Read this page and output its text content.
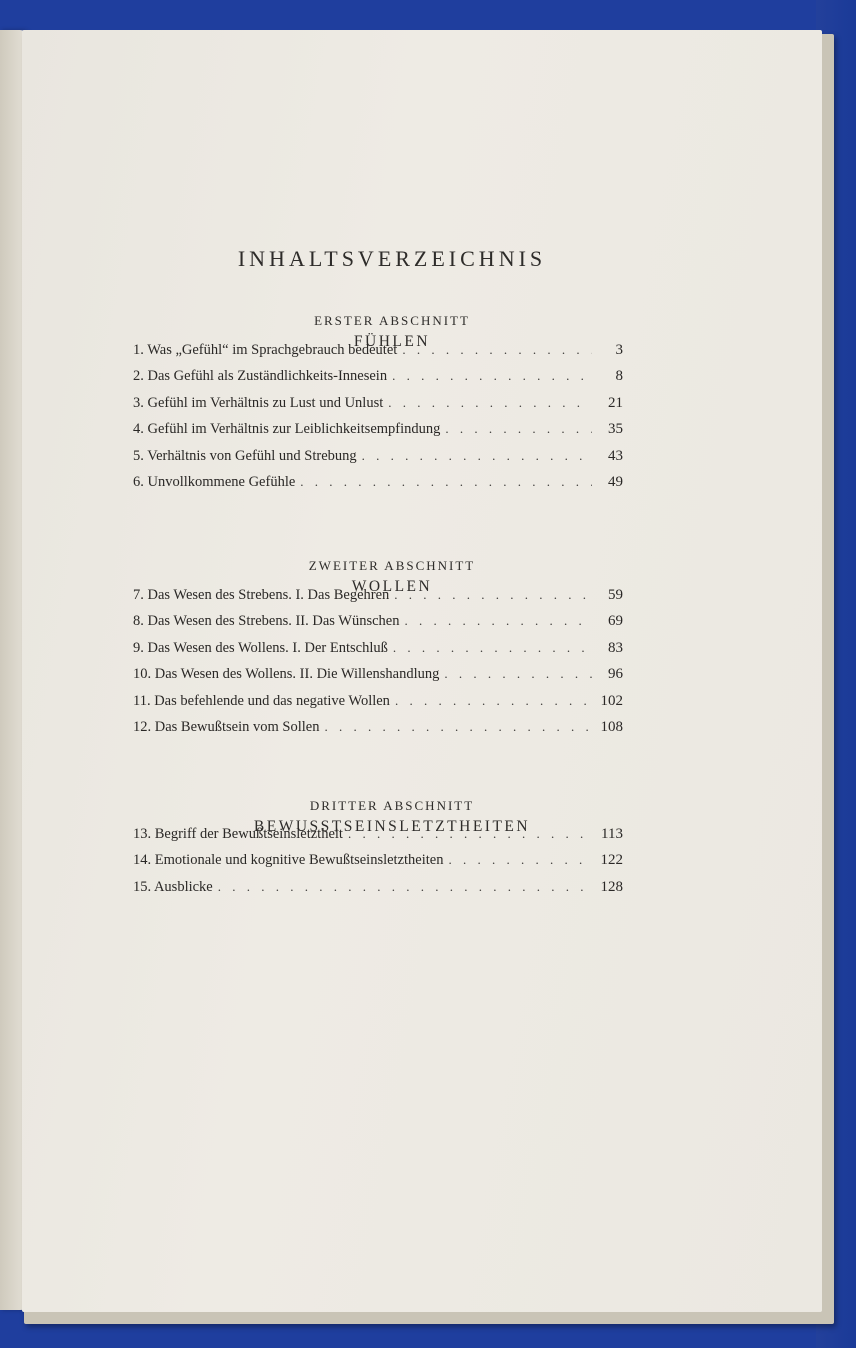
INHALTSVERZEICHNIS
ERSTER ABSCHNITT
FÜHLEN
1. Was „Gefühl“ im Sprachgebrauch bedeutet . . .	3
2. Das Gefühl als Zuständlichkeits-Innesein . . .	8
3. Gefühl im Verhältnis zu Lust und Unlust . . .	21
4. Gefühl im Verhältnis zur Leiblichkeitsempfindung . . .	35
5. Verhältnis von Gefühl und Strebung . . .	43
6. Unvollkommene Gefühle . . .	49
ZWEITER ABSCHNITT
WOLLEN
7. Das Wesen des Strebens. I. Das Begehren . . .	59
8. Das Wesen des Strebens. II. Das Wünschen . . .	69
9. Das Wesen des Wollens. I. Der Entschluß . . .	83
10. Das Wesen des Wollens. II. Die Willenshandlung . . .	96
11. Das befehlende und das negative Wollen . . .	102
12. Das Bewußtsein vom Sollen . . .	108
DRITTER ABSCHNITT
BEWUSSTSEINSLETZTHEITEN
13. Begriff der Bewußtseinsletztheit . . .	113
14. Emotionale und kognitive Bewußtseinsletztheiten . . .	122
15. Ausblicke . . .	128
